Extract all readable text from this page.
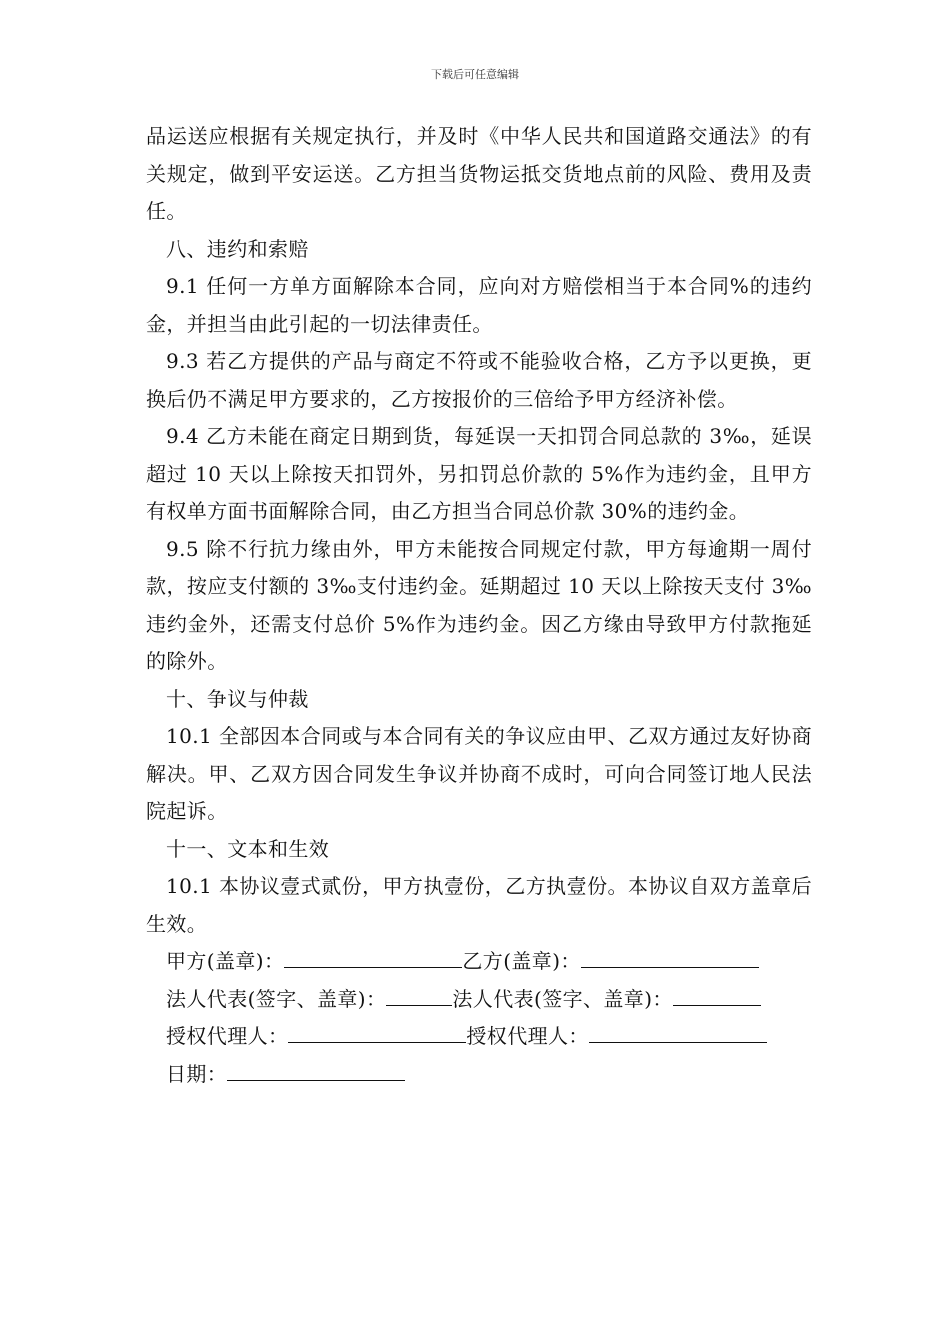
下载后可任意编辑

品运送应根据有关规定执行，并及时《中华人民共和国道路交通法》的有关规定，做到平安运送。乙方担当货物运抵交货地点前的风险、费用及责任。

八、违约和索赔

9.1 任何一方单方面解除本合同，应向对方赔偿相当于本合同%的违约金，并担当由此引起的一切法律责任。

9.3 若乙方提供的产品与商定不符或不能验收合格，乙方予以更换，更换后仍不满足甲方要求的，乙方按报价的三倍给予甲方经济补偿。

9.4 乙方未能在商定日期到货，每延误一天扣罚合同总款的 3‰，延误超过 10 天以上除按天扣罚外，另扣罚总价款的 5%作为违约金，且甲方有权单方面书面解除合同，由乙方担当合同总价款 30%的违约金。

9.5 除不行抗力缘由外，甲方未能按合同规定付款，甲方每逾期一周付款，按应支付额的 3‰支付违约金。延期超过 10 天以上除按天支付 3‰违约金外，还需支付总价 5%作为违约金。因乙方缘由导致甲方付款拖延的除外。

十、争议与仲裁

10.1 全部因本合同或与本合同有关的争议应由甲、乙双方通过友好协商解决。甲、乙双方因合同发生争议并协商不成时，可向合同签订地人民法院起诉。

十一、文本和生效

10.1 本协议壹式贰份，甲方执壹份，乙方执壹份。本协议自双方盖章后生效。

甲方(盖章)：	乙方(盖章)：

法人代表(签字、盖章)：	法人代表(签字、盖章)：

授权代理人：	授权代理人：

日期：
